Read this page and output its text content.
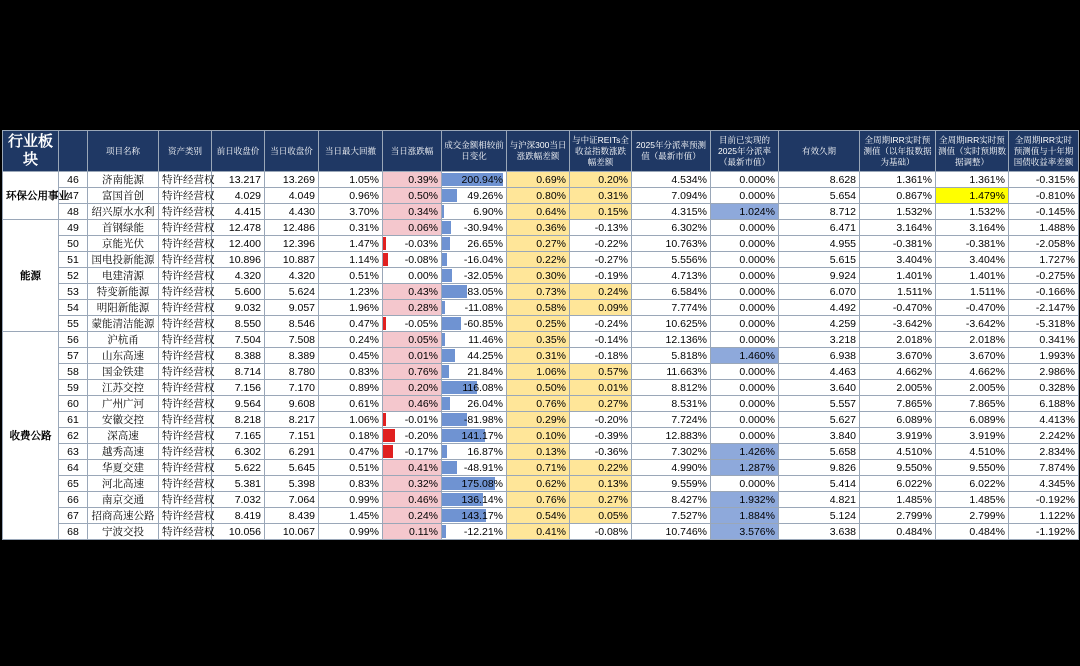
行业板块		项目名称	资产类别	前日收盘价	当日收盘价	当日最大回撤	当日涨跌幅	成交金额相较前日变化	与沪深300当日涨跌幅差额	与中证REITs全收益指数涨跌幅差额	2025年分派率预测值（最新市值）	目前已实现的2025年分派率（最新市值）	有效久期	全周期IRR实时预测值（以年报数据为基础）	全周期IRR实时预测值（实时预期数据调整）	全周期IRR实时预测值与十年期国债收益率差额
环保公用事业	46	济南能源	特许经营权	13.217	13.269	1.05%	0.39%	200.94%	0.69%	0.20%	4.534%	0.000%	8.628	1.361%	1.361%	-0.315%
	47	富国首创	特许经营权	4.029	4.049	0.96%	0.50%	49.26%	0.80%	0.31%	7.094%	0.000%	5.654	0.867%	1.479%	-0.810%
	48	绍兴原水水利	特许经营权	4.415	4.430	3.70%	0.34%	6.90%	0.64%	0.15%	4.315%	1.024%	8.712	1.532%	1.532%	-0.145%
能源	49	首钢绿能	特许经营权	12.478	12.486	0.31%	0.06%	-30.94%	0.36%	-0.13%	6.302%	0.000%	6.471	3.164%	3.164%	1.488%
	50	京能光伏	特许经营权	12.400	12.396	1.47%	-0.03%	26.65%	0.27%	-0.22%	10.763%	0.000%	4.955	-0.381%	-0.381%	-2.058%
	51	国电投新能源	特许经营权	10.896	10.887	1.14%	-0.08%	-16.04%	0.22%	-0.27%	5.556%	0.000%	5.615	3.404%	3.404%	1.727%
	52	电建清源	特许经营权	4.320	4.320	0.51%	0.00%	-32.05%	0.30%	-0.19%	4.713%	0.000%	9.924	1.401%	1.401%	-0.275%
	53	特变新能源	特许经营权	5.600	5.624	1.23%	0.43%	83.05%	0.73%	0.24%	6.584%	0.000%	6.070	1.511%	1.511%	-0.166%
	54	明阳新能源	特许经营权	9.032	9.057	1.96%	0.28%	-11.08%	0.58%	0.09%	7.774%	0.000%	4.492	-0.470%	-0.470%	-2.147%
	55	蒙能清洁能源	特许经营权	8.550	8.546	0.47%	-0.05%	-60.85%	0.25%	-0.24%	10.625%	0.000%	4.259	-3.642%	-3.642%	-5.318%
收费公路	56	沪杭甬	特许经营权	7.504	7.508	0.24%	0.05%	11.46%	0.35%	-0.14%	12.136%	0.000%	3.218	2.018%	2.018%	0.341%
	57	山东高速	特许经营权	8.388	8.389	0.45%	0.01%	44.25%	0.31%	-0.18%	5.818%	1.460%	6.938	3.670%	3.670%	1.993%
	58	国金铁建	特许经营权	8.714	8.780	0.83%	0.76%	21.84%	1.06%	0.57%	11.663%	0.000%	4.463	4.662%	4.662%	2.986%
	59	江苏交控	特许经营权	7.156	7.170	0.89%	0.20%	116.08%	0.50%	0.01%	8.812%	0.000%	3.640	2.005%	2.005%	0.328%
	60	广州广河	特许经营权	9.564	9.608	0.61%	0.46%	26.04%	0.76%	0.27%	8.531%	0.000%	5.557	7.865%	7.865%	6.188%
	61	安徽交控	特许经营权	8.218	8.217	1.06%	-0.01%	-81.98%	0.29%	-0.20%	7.724%	0.000%	5.627	6.089%	6.089%	4.413%
	62	深高速	特许经营权	7.165	7.151	0.18%	-0.20%	141.17%	0.10%	-0.39%	12.883%	0.000%	3.840	3.919%	3.919%	2.242%
	63	越秀高速	特许经营权	6.302	6.291	0.47%	-0.17%	16.87%	0.13%	-0.36%	7.302%	1.426%	5.658	4.510%	4.510%	2.834%
	64	华夏交建	特许经营权	5.622	5.645	0.51%	0.41%	-48.91%	0.71%	0.22%	4.990%	1.287%	9.826	9.550%	9.550%	7.874%
	65	河北高速	特许经营权	5.381	5.398	0.83%	0.32%	175.08%	0.62%	0.13%	9.559%	0.000%	5.414	6.022%	6.022%	4.345%
	66	南京交通	特许经营权	7.032	7.064	0.99%	0.46%	136.14%	0.76%	0.27%	8.427%	1.932%	4.821	1.485%	1.485%	-0.192%
	67	招商高速公路	特许经营权	8.419	8.439	1.45%	0.24%	143.17%	0.54%	0.05%	7.527%	1.884%	5.124	2.799%	2.799%	1.122%
	68	宁波交投	特许经营权	10.056	10.067	0.99%	0.11%	-12.21%	0.41%	-0.08%	10.746%	3.576%	3.638	0.484%	0.484%	-1.192%
